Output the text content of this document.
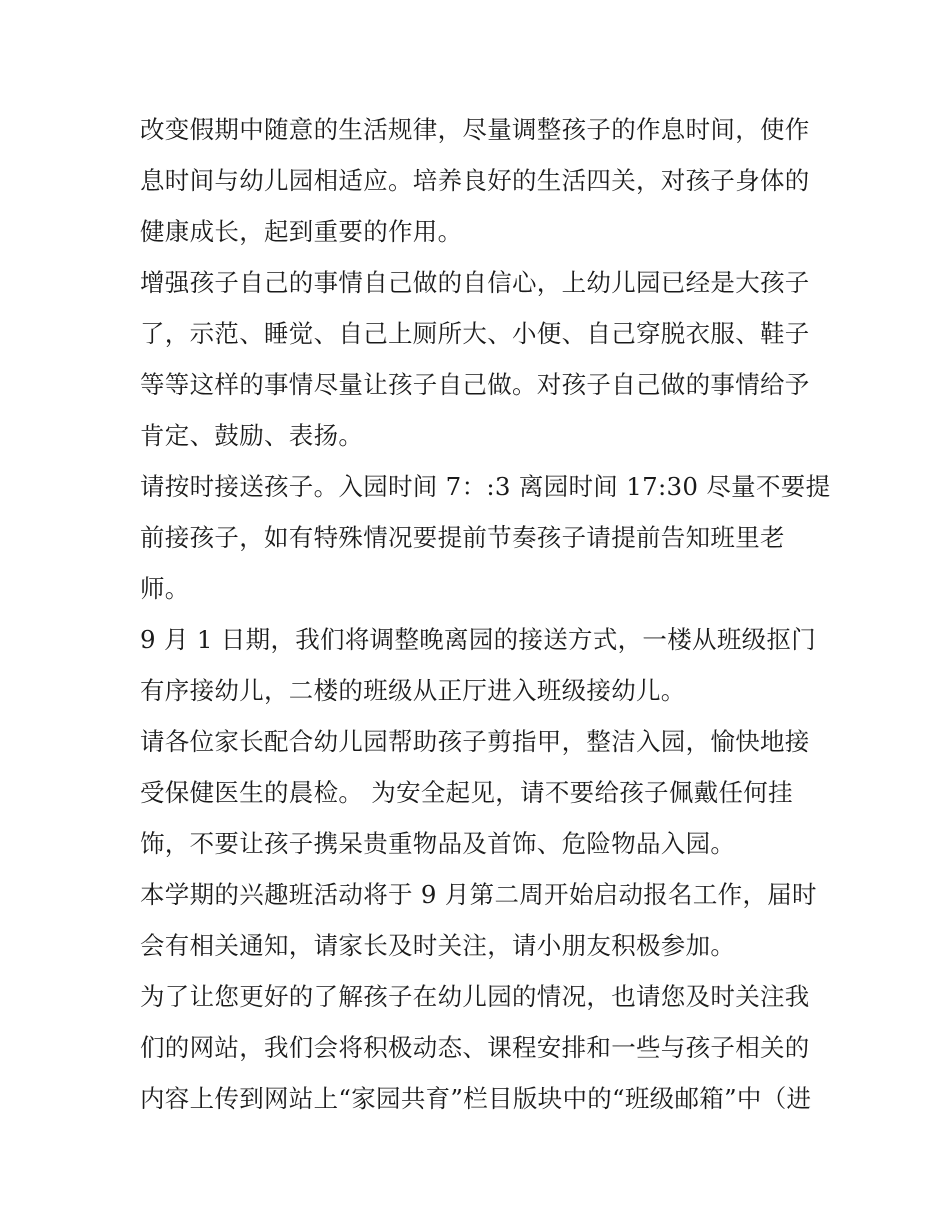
改变假期中随意的生活规律，尽量调整孩子的作息时间，使作
息时间与幼儿园相适应。培养良好的生活四关，对孩子身体的
健康成长，起到重要的作用。
增强孩子自己的事情自己做的自信心，上幼儿园已经是大孩子
了，示范、睡觉、自己上厕所大、小便、自己穿脱衣服、鞋子
等等这样的事情尽量让孩子自己做。对孩子自己做的事情给予
肯定、鼓励、表扬。
请按时接送孩子。入园时间 7：:3 离园时间 17:30 尽量不要提
前接孩子，如有特殊情况要提前节奏孩子请提前告知班里老
师。
9 月 1 日期，我们将调整晚离园的接送方式，一楼从班级抠门
有序接幼儿，二楼的班级从正厅进入班级接幼儿。
请各位家长配合幼儿园帮助孩子剪指甲，整洁入园，愉快地接
受保健医生的晨检。 为安全起见，请不要给孩子佩戴任何挂
饰，不要让孩子携呆贵重物品及首饰、危险物品入园。
本学期的兴趣班活动将于 9 月第二周开始启动报名工作，届时
会有相关通知，请家长及时关注，请小朋友积极参加。
为了让您更好的了解孩子在幼儿园的情况，也请您及时关注我
们的网站，我们会将积极动态、课程安排和一些与孩子相关的
内容上传到网站上“家园共育”栏目版块中的“班级邮箱”中（进
